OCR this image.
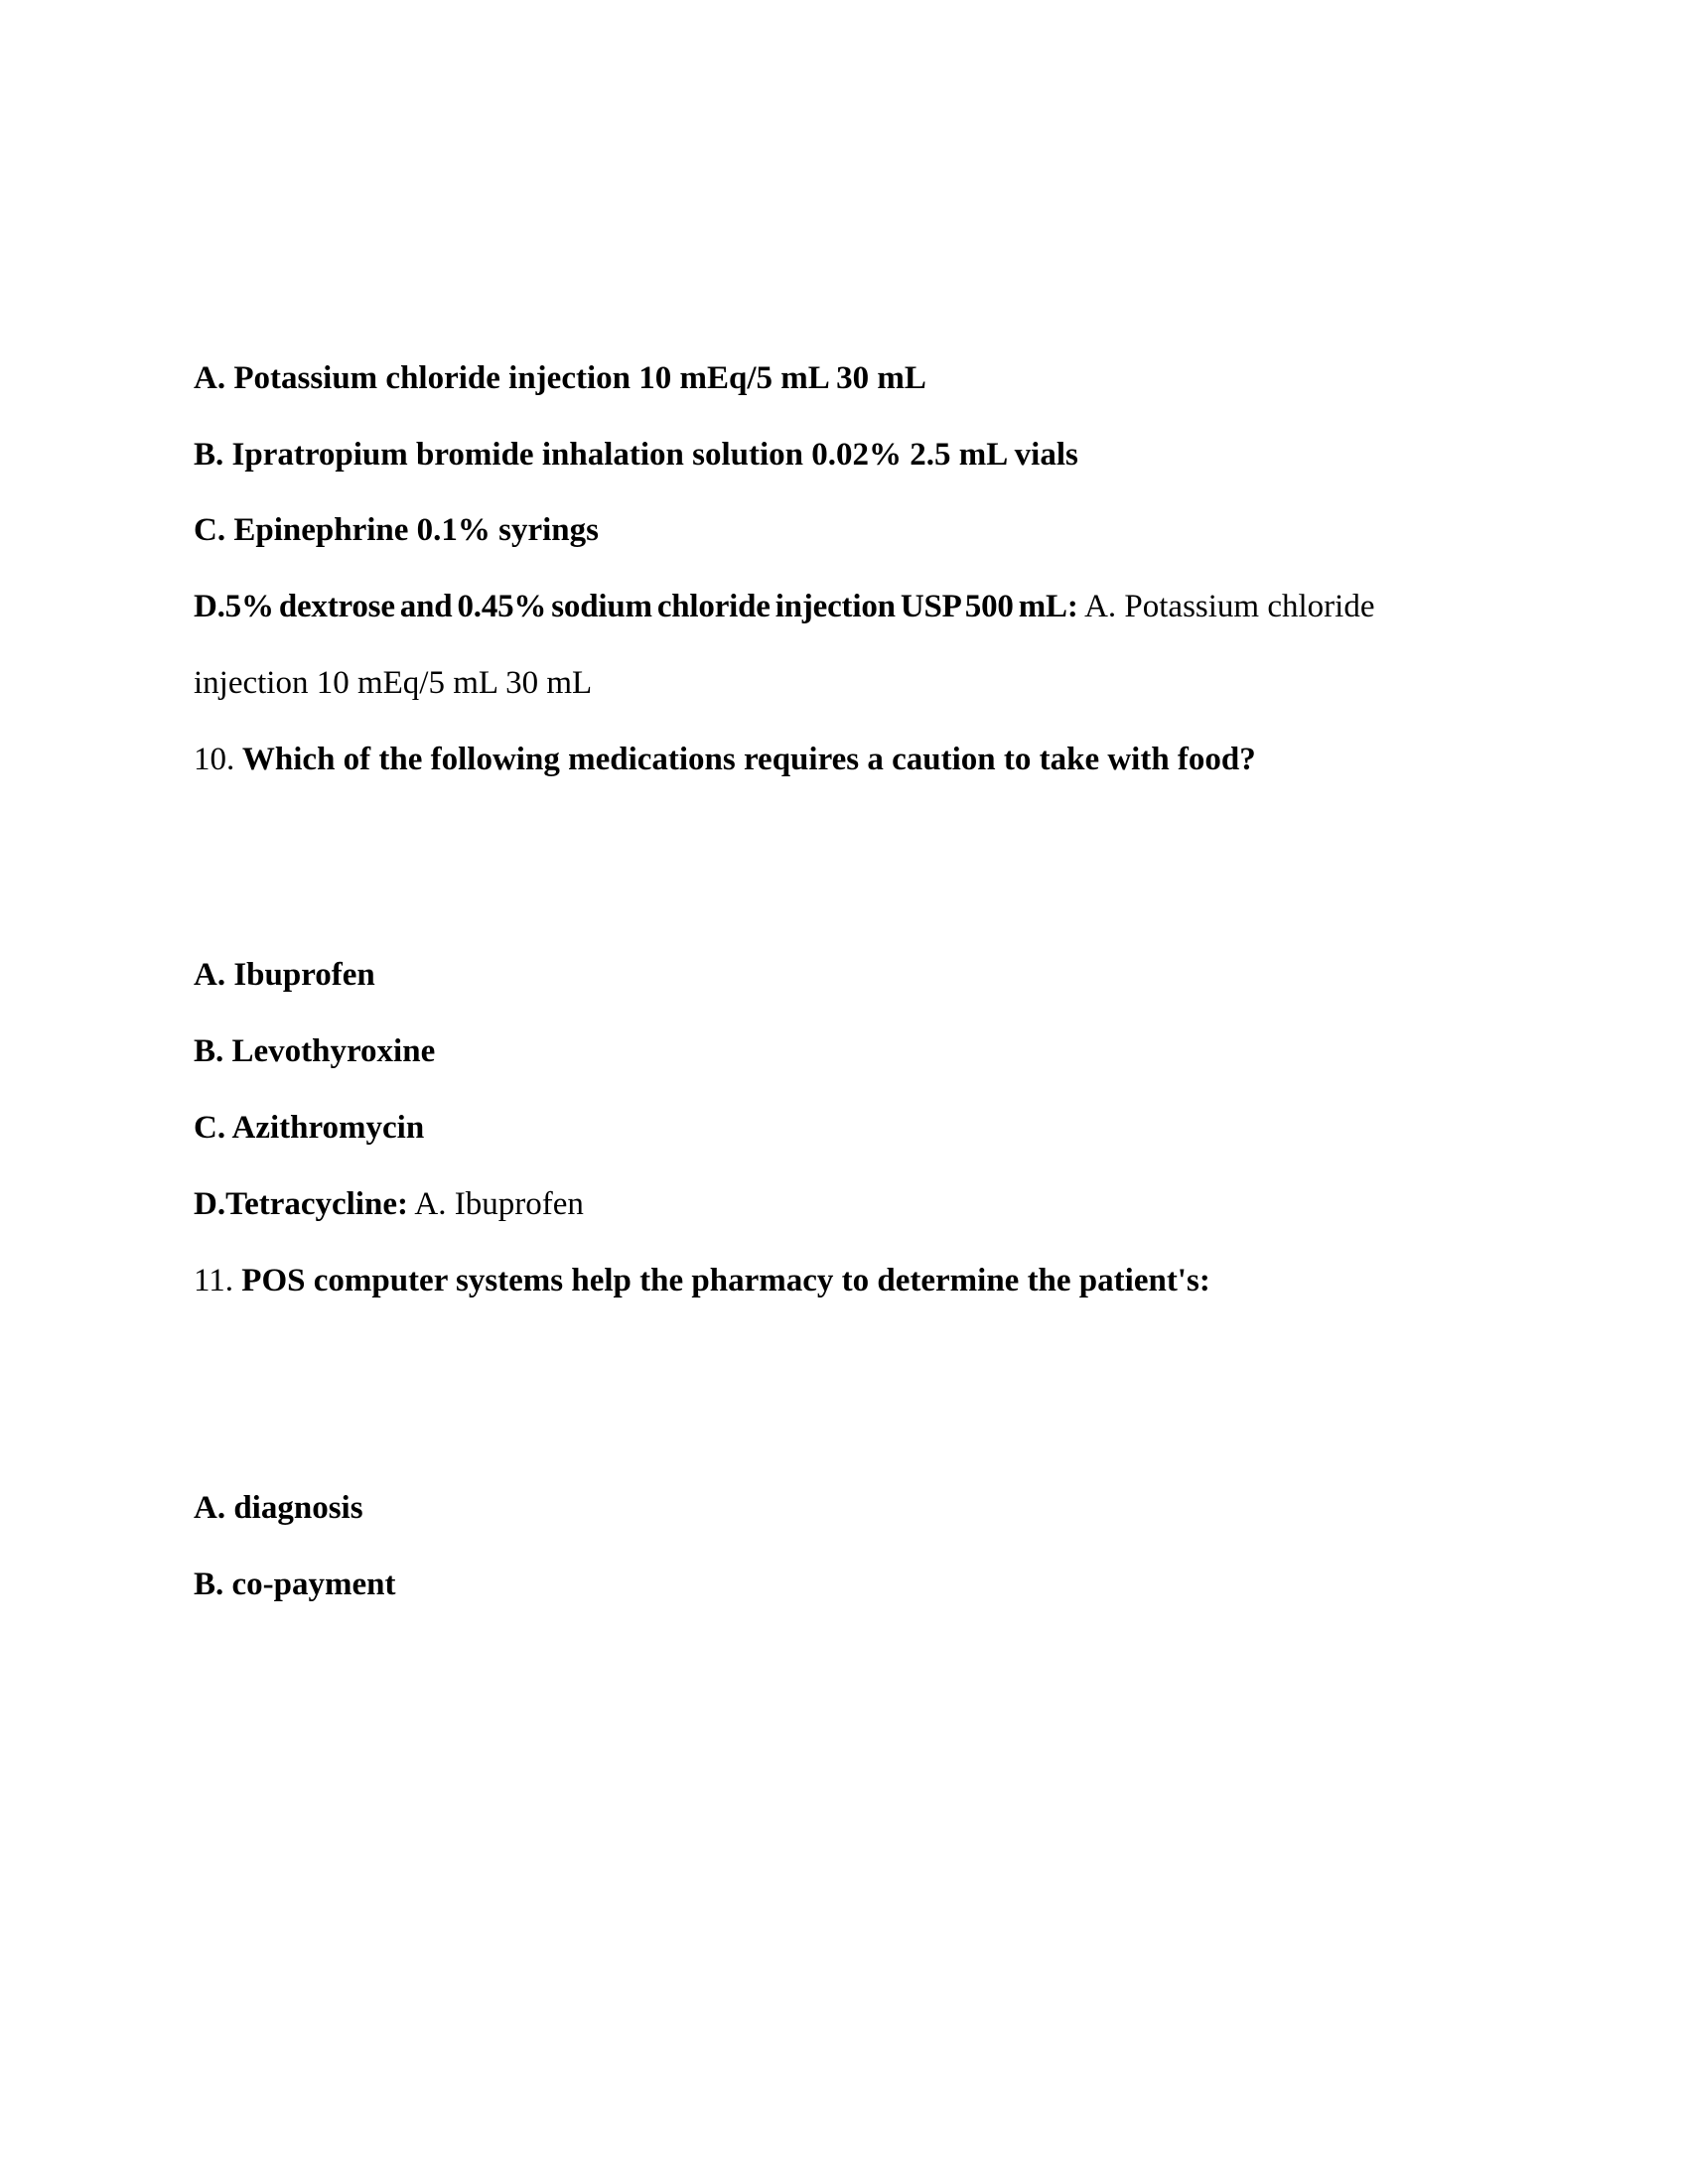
A. Potassium chloride injection 10 mEq/5 mL 30 mL

B. Ipratropium bromide inhalation solution 0.02% 2.5 mL vials

C. Epinephrine 0.1% syrings

D.5% dextrose and 0.45% sodium chloride injection USP 500 mL: A. Potassium chloride

injection 10 mEq/5 mL 30 mL

10. Which of the following medications requires a caution to take with food?

A. Ibuprofen

B. Levothyroxine

C. Azithromycin

D.Tetracycline: A. Ibuprofen

11. POS computer systems help the pharmacy to determine the patient's:

A. diagnosis

B. co-payment
